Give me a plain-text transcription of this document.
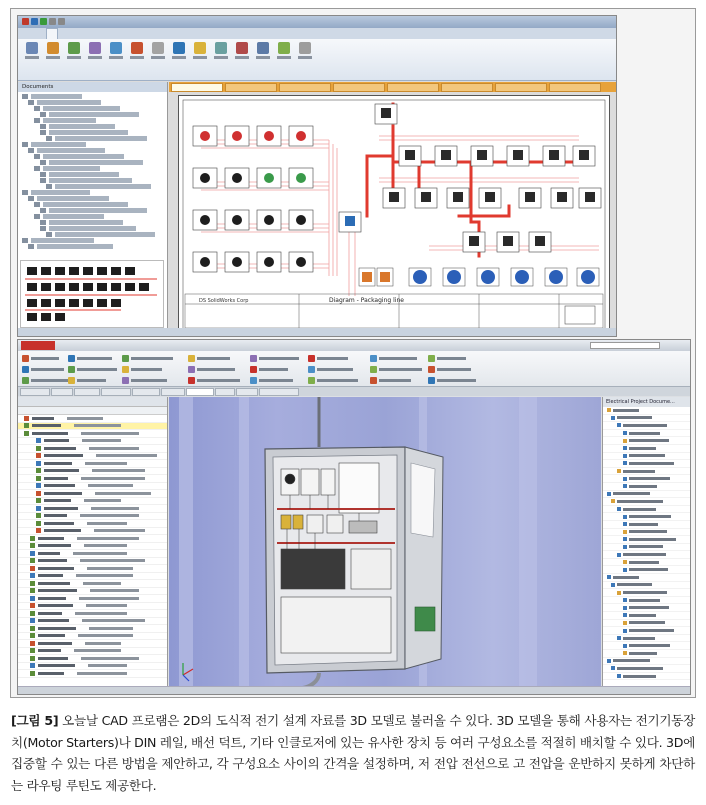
Documents
DS SolidWorks Corp	Diagram - Packaging line
Electrical Project Docume...

[그림 5] 오늘날 CAD 프로램은 2D의 도식적 전기 설계 자료를 3D 모델로 불러올 수 있다. 3D 모델을 통해 사용자는 전기기동장치(Motor Starters)나 DIN 레일, 배선 덕트, 기타 인클로저에 있는 유사한 장치 등 여러 구성요소를 적절히 배치할 수 있다. 3D에 집중할 수 있는 다른 방법을 제안하고, 각 구성요소 사이의 간격을 설정하며, 저 전압 전선으로 고 전압을 운반하지 못하게 차단하는 라우팅 루틴도 제공한다.
